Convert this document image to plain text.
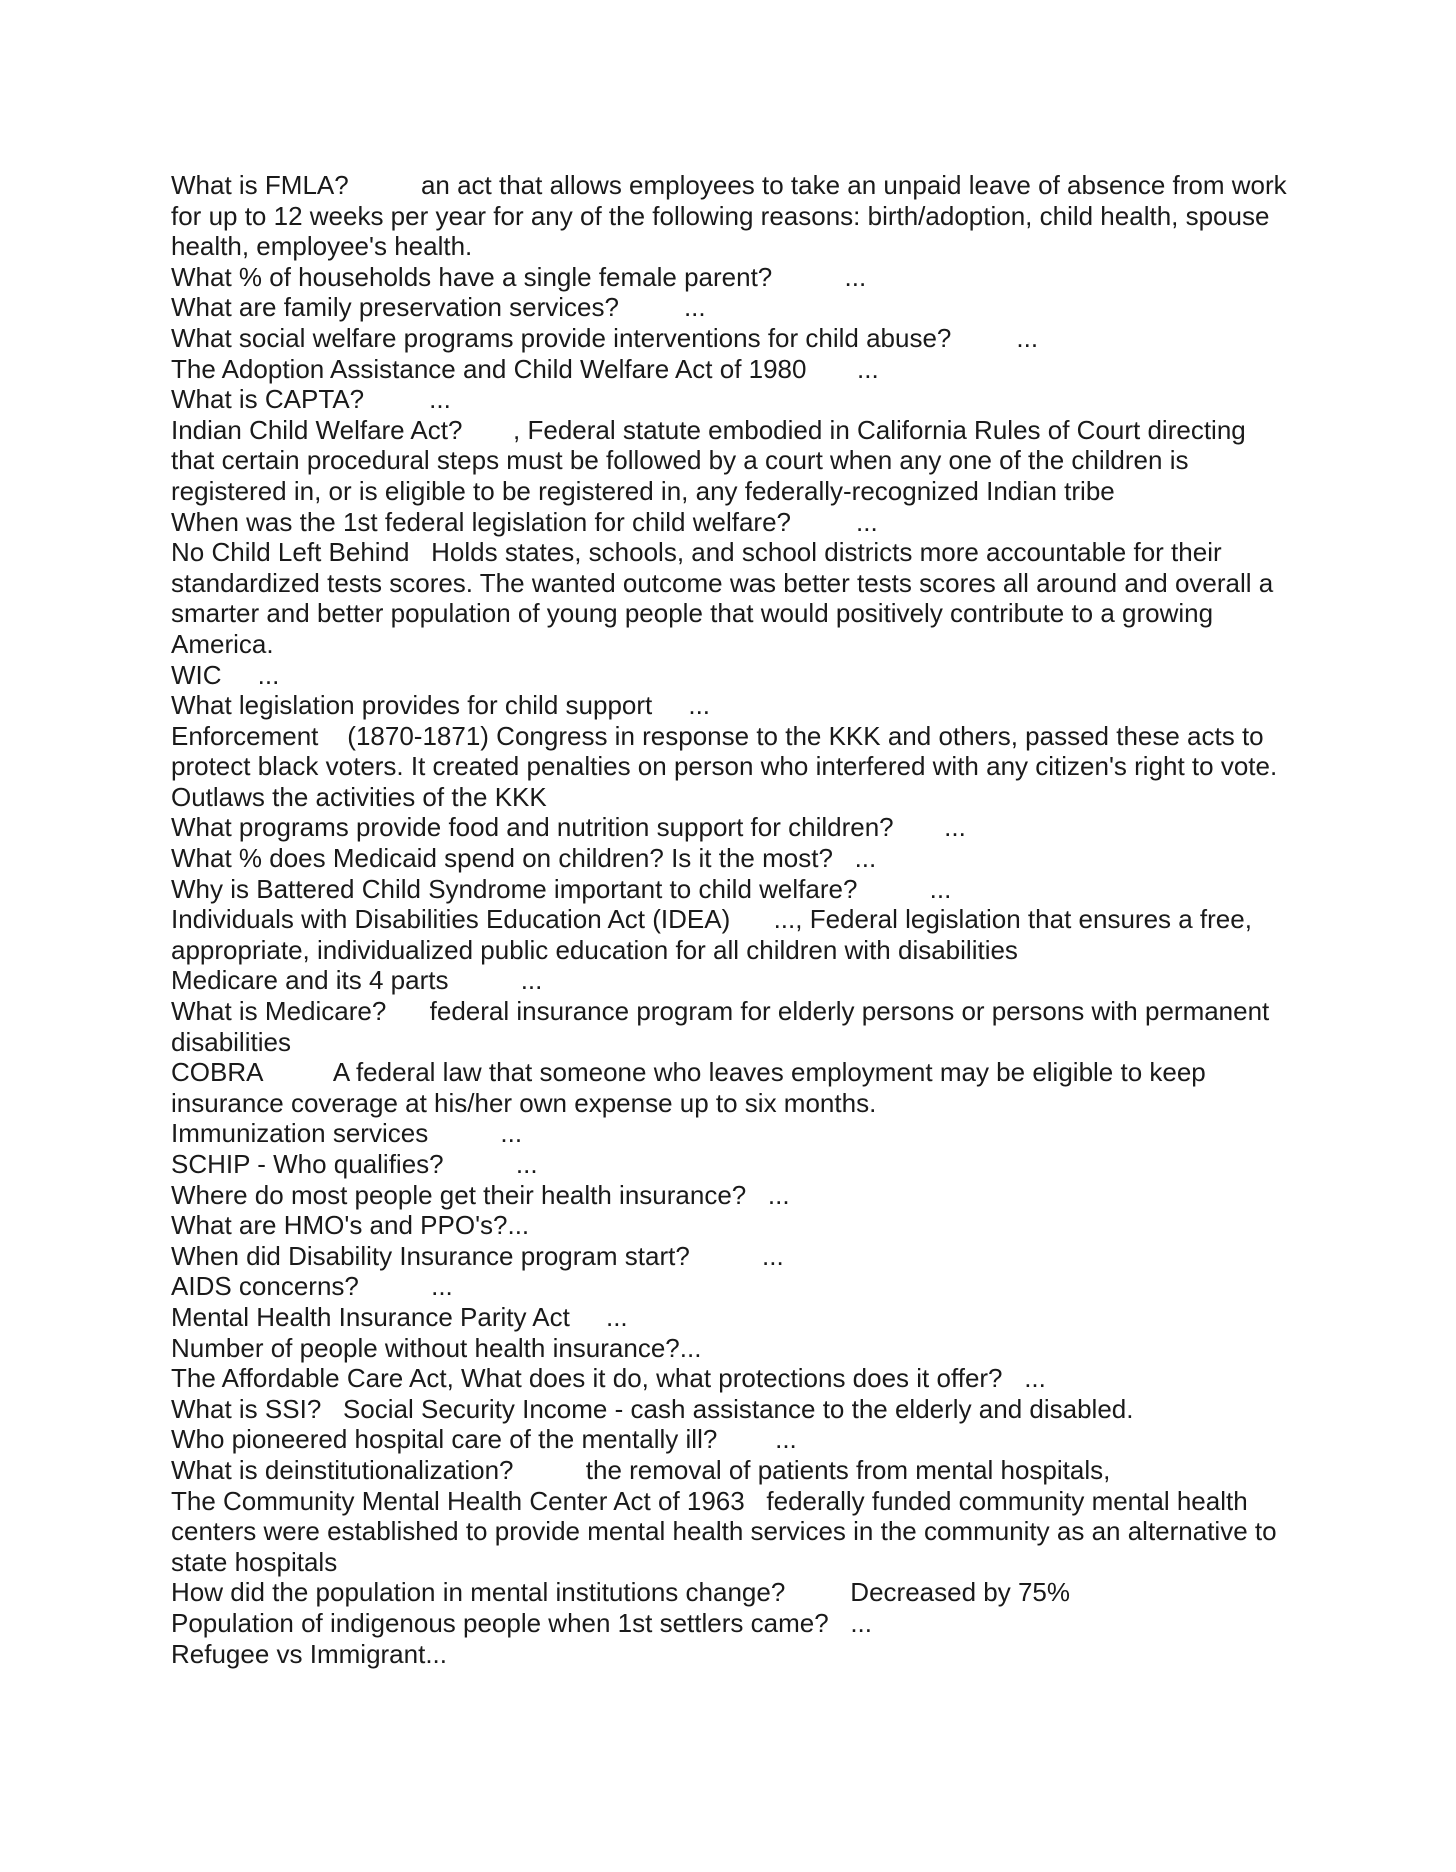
What is FMLA?          an act that allows employees to take an unpaid leave of absence from work for up to 12 weeks per year for any of the following reasons: birth/adoption, child health, spouse health, employee's health.

What % of households have a single female parent?          ...

What are family preservation services?         ...

What social welfare programs provide interventions for child abuse?         ...

The Adoption Assistance and Child Welfare Act of 1980       ...

What is CAPTA?         ...

Indian Child Welfare Act?       , Federal statute embodied in California Rules of Court directing that certain procedural steps must be followed by a court when any one of the children is registered in, or is eligible to be registered in, any federally-recognized Indian tribe

When was the 1st federal legislation for child welfare?         ...

No Child Left Behind   Holds states, schools, and school districts more accountable for their standardized tests scores. The wanted outcome was better tests scores all around and overall a smarter and better population of young people that would positively contribute to a growing America.

WIC     ...

What legislation provides for child support     ...

Enforcement    (1870-1871) Congress in response to the KKK and others, passed these acts to protect black voters. It created penalties on person who interfered with any citizen's right to vote. Outlaws the activities of the KKK

What programs provide food and nutrition support for children?       ...

What % does Medicaid spend on children? Is it the most?   ...

Why is Battered Child Syndrome important to child welfare?          ...

Individuals with Disabilities Education Act (IDEA)      ..., Federal legislation that ensures a free, appropriate, individualized public education for all children with disabilities

Medicare and its 4 parts          ...

What is Medicare?      federal insurance program for elderly persons or persons with permanent disabilities

COBRA          A federal law that someone who leaves employment may be eligible to keep insurance coverage at his/her own expense up to six months.

Immunization services          ...

SCHIP - Who qualifies?          ...

Where do most people get their health insurance?   ...

What are HMO's and PPO's?...

When did Disability Insurance program start?          ...

AIDS concerns?          ...

Mental Health Insurance Parity Act     ...

Number of people without health insurance?...

The Affordable Care Act, What does it do, what protections does it offer?   ...

What is SSI?   Social Security Income - cash assistance to the elderly and disabled.

Who pioneered hospital care of the mentally ill?        ...

What is deinstitutionalization?          the removal of patients from mental hospitals,

The Community Mental Health Center Act of 1963   federally funded community mental health centers were established to provide mental health services in the community as an alternative to state hospitals

How did the population in mental institutions change?         Decreased by 75%

Population of indigenous people when 1st settlers came?   ...

Refugee vs Immigrant...
